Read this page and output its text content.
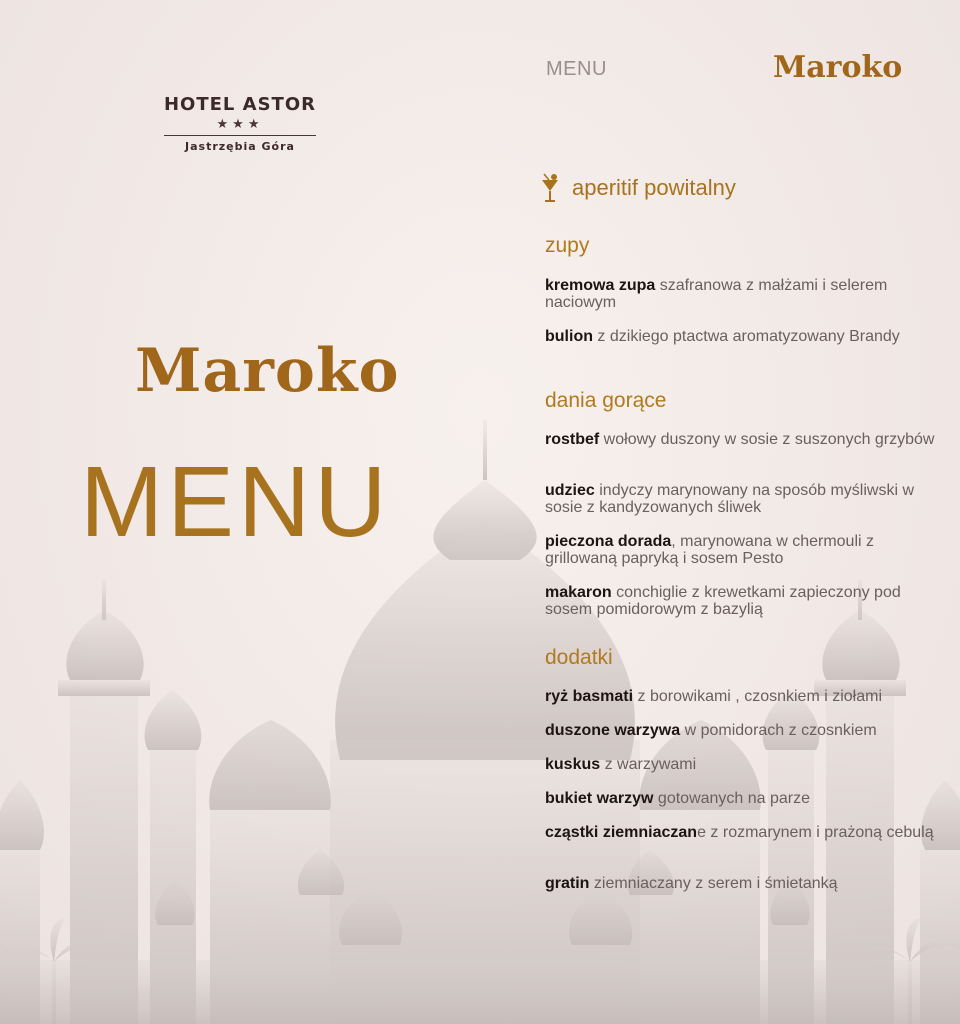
HOTEL ASTOR
★★★
Jastrzębia Góra
Maroko
MENU
MENU	Maroko
aperitif powitalny
zupy
kremowa zupa szafranowa z małżami i selerem naciowym
bulion z dzikiego ptactwa aromatyzowany Brandy
dania gorące
rostbef wołowy duszony w sosie z suszonych grzybów
udziec indyczy marynowany na sposób myśliwski w sosie z kandyzowanych śliwek
pieczona dorada, marynowana w chermouli z grillowaną papryką i sosem Pesto
makaron conchiglie z krewetkami zapieczony pod sosem pomidorowym z bazylią
dodatki
ryż basmati z borowikami , czosnkiem i ziołami
duszone warzywa w pomidorach z czosnkiem
kuskus z warzywami
bukiet warzyw gotowanych na parze
cząstki ziemniaczane z rozmarynem i prażoną cebulą
gratin ziemniaczany z serem i śmietanką
